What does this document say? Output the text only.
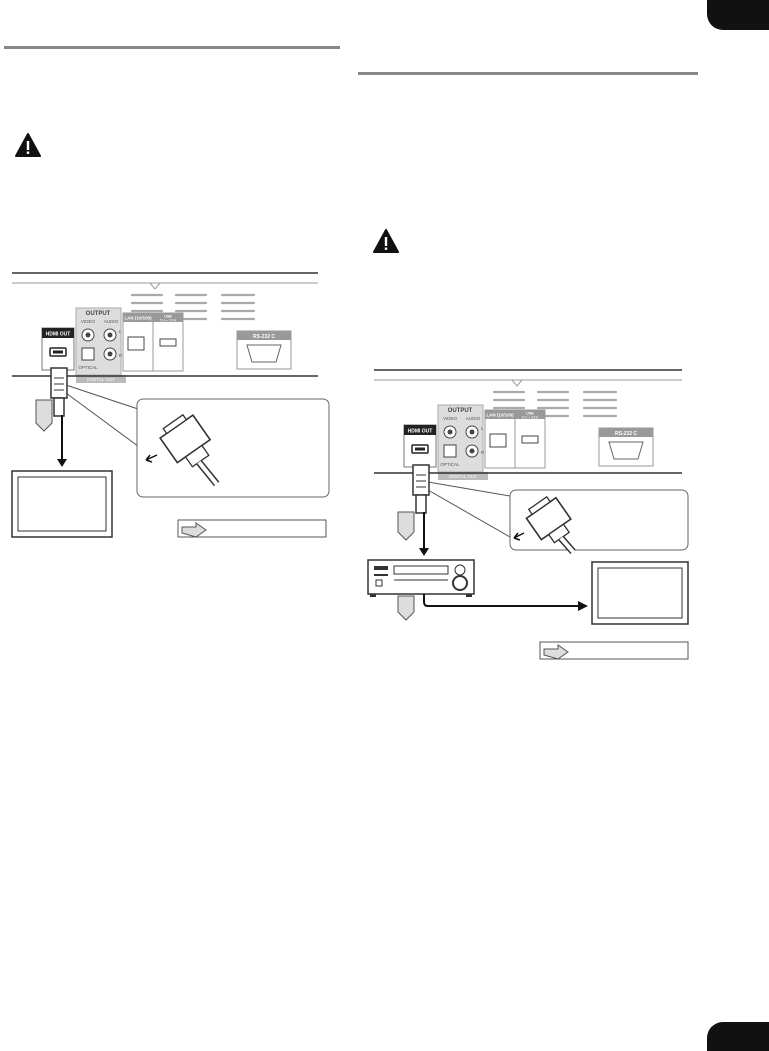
OUTPUT
VIDEO AUDIO
L
R
OPTICAL
DIGITAL OUT
HDMI OUT
LAN (10/100)	USB
5 V ⎓ 0.5 A
RS-232 C
OUTPUT
VIDEO AUDIO
L
R
OPTICAL
DIGITAL OUT
HDMI OUT
LAN (10/100)	USB
5 V ⎓ 0.5 A
RS-232 C
